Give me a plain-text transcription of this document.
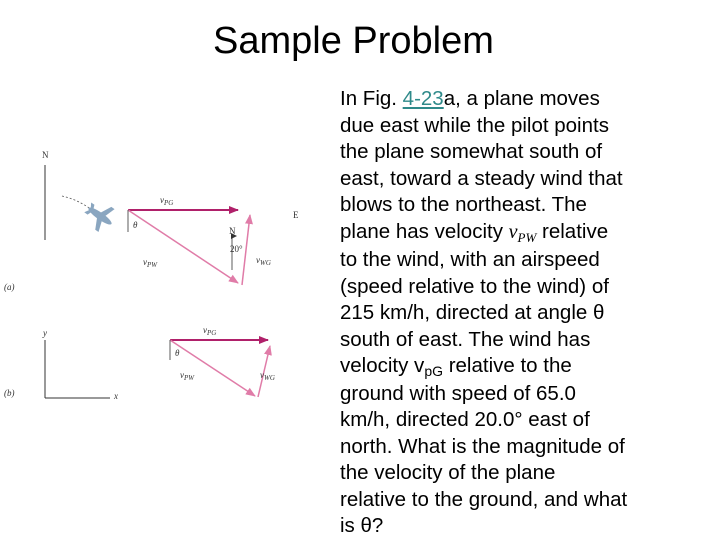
Sample Problem
In Fig. 4-23a, a plane moves
due east while the pilot points
the plane somewhat south of
east, toward a steady wind that
blows to the northeast. The
plane has velocity vPW relative
to the wind, with an airspeed
(speed relative to the wind) of
215 km/h, directed at angle θ
south of east. The wind has
velocity vpG relative to the
ground with speed of 65.0
km/h, directed 20.0° east of
north. What is the magnitude of
the velocity of the plane
relative to the ground, and what
is θ?
N
E
(a)
N
θ
20°
$v_{PG}$
$v_{PW}$	$v_{WG}$
y
x
(b)
θ
$v_{PG}$
$v_{PW}$	$v_{WG}$
